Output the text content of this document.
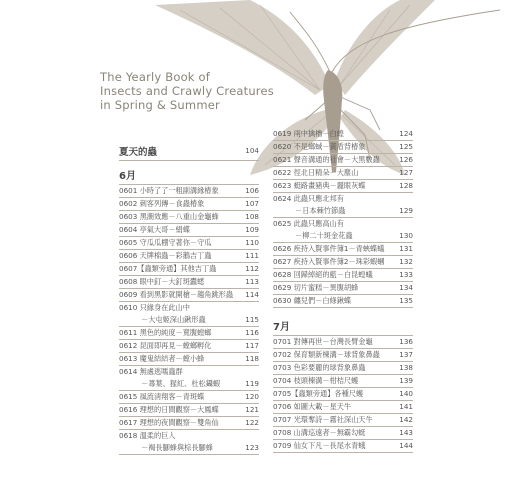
The Yearly Book of
Insects and Crawly Creatures
in Spring & Summer
夏天的蟲	104
6月
0601 小時了了一粗副溝緣椿象	106
0602 刺客列傳－食蟲椿象	107
0603 黑潮效應－八重山金龜蜂	108
0604 亭氣大哥－絹蝶	109
0605 守瓜瓜棚守著你－守瓜	110
0606 天牌棉蟲－彩鵝吉丁蟲	111
0607【蟲類旁通】其他吉丁蟲	112
0608 眼中釘－大釘斑蠹蟋	113
0609 看到黑影就開槍－趨角跳形蟲 114
0610 只緣身在此山中
－大屯姬深山鍬形蟲	115
0611 黑色的純度－寬腹螳螂	116
0612 昆面即再見－螳螂孵化	117
0613 魔鬼結結者－螳小蜂	118
0614 無處逃嚅蟲群
－蕁葉、猩紅、杜松鑷蝦	119
0615 風流淸翔客－青斑蝶	120
0616 理想的日間觀察－大鳳蝶	121
0617 理想的夜間觀察－雙角仙	122
0618 溫柔的巨人
－褐長腳蜂與棕長腳蜂	123
0619 兩中擒櫓－白蝗	124
0620 不是螂蜮－黃盾背椿象	125
0621 聲音溝通的社會－大黑數蟲	126
0622 徑北日精朵－大塵山	127
0623 蜓路畫豬典－麗眼灰蝶	128
0624 此蟲只應北邦有
－日本棘竹節蟲	129
0625 此蟲只應高山有
－柳二十斑金花蟲	130
0626 疾持入賢事件簿1－青蛺蝶蟻 131
0627 疾持入賢事件簿2－珠彩蝦蟈 132
0628 回歸綽絕的藍－白昆蝗蟻	133
0629 切片蜜糕－異腹胡蜂	134
0630 纏兒們－白條鍬蝶	135
7月
0701 對傳再世－台灣長臂金龜	136
0702 保育類新楝溝－球背象鼻蟲	137
0703 色彩要麗的球背象鼻蟲	138
0704 枝頭楝溝－柑桔尺蠖	139
0705【蟲類旁通】各種尺蠖	140
0706 如圖大載－星天牛	141
0707 光環奪詩－霧社深山天牛	142
0708 山溝巡遠者－無霸勾蜓	143
0709 仙女下凡－長尾水青蛾	144
